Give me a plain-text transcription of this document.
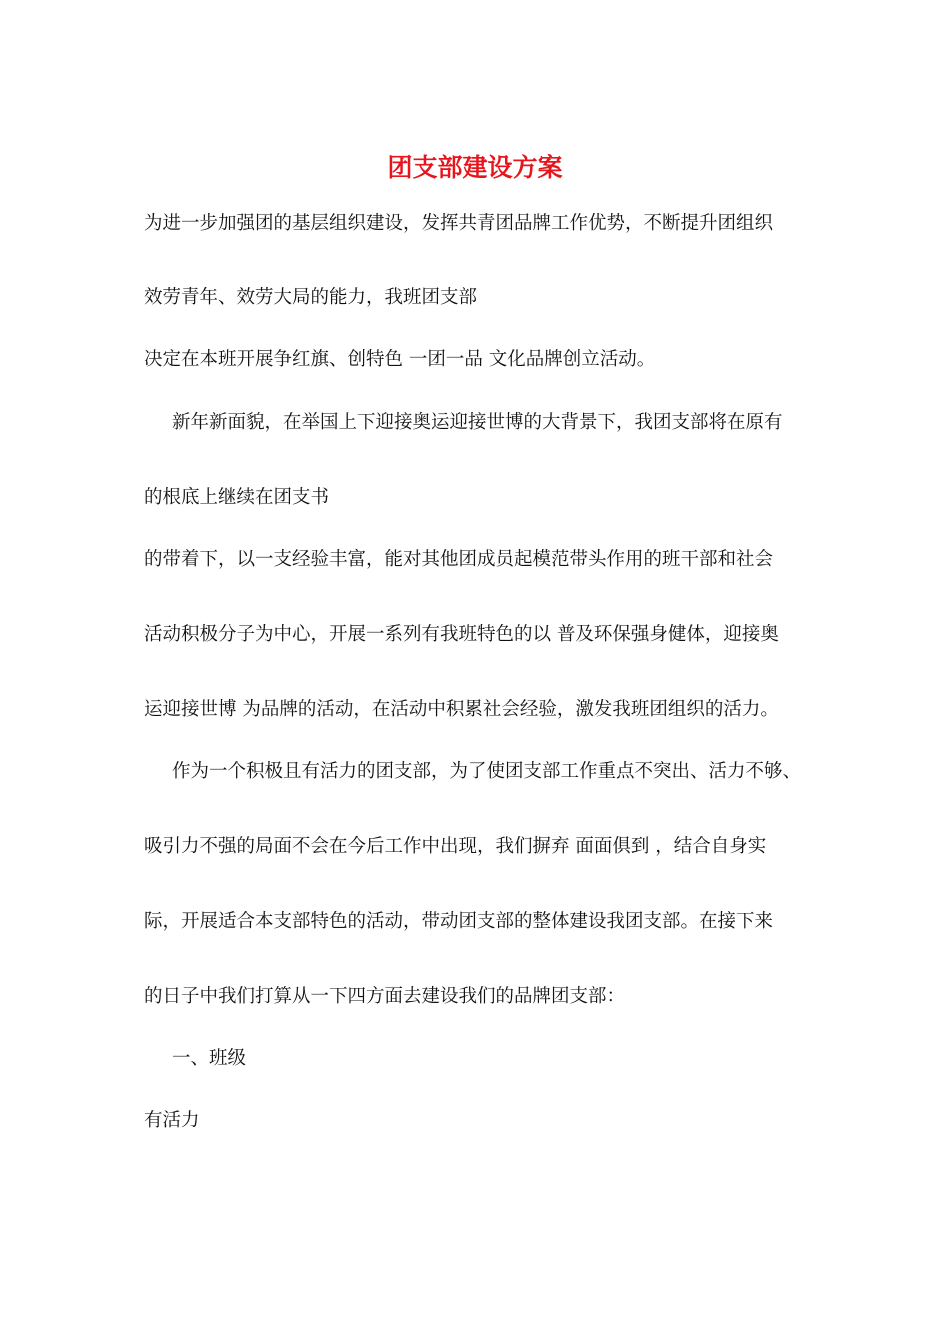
团支部建设方案
为进一步加强团的基层组织建设，发挥共青团品牌工作优势，不断提升团组织
效劳青年、效劳大局的能力，我班团支部
决定在本班开展争红旗、创特色 一团一品 文化品牌创立活动。
新年新面貌，在举国上下迎接奥运迎接世博的大背景下，我团支部将在原有
的根底上继续在团支书
的带着下，以一支经验丰富，能对其他团成员起模范带头作用的班干部和社会
活动积极分子为中心，开展一系列有我班特色的以 普及环保强身健体，迎接奥
运迎接世博 为品牌的活动，在活动中积累社会经验，激发我班团组织的活力。
作为一个积极且有活力的团支部，为了使团支部工作重点不突出、活力不够、
吸引力不强的局面不会在今后工作中出现，我们摒弃 面面俱到 ，结合自身实
际，开展适合本支部特色的活动，带动团支部的整体建设我团支部。在接下来
的日子中我们打算从一下四方面去建设我们的品牌团支部：
一、班级
有活力
